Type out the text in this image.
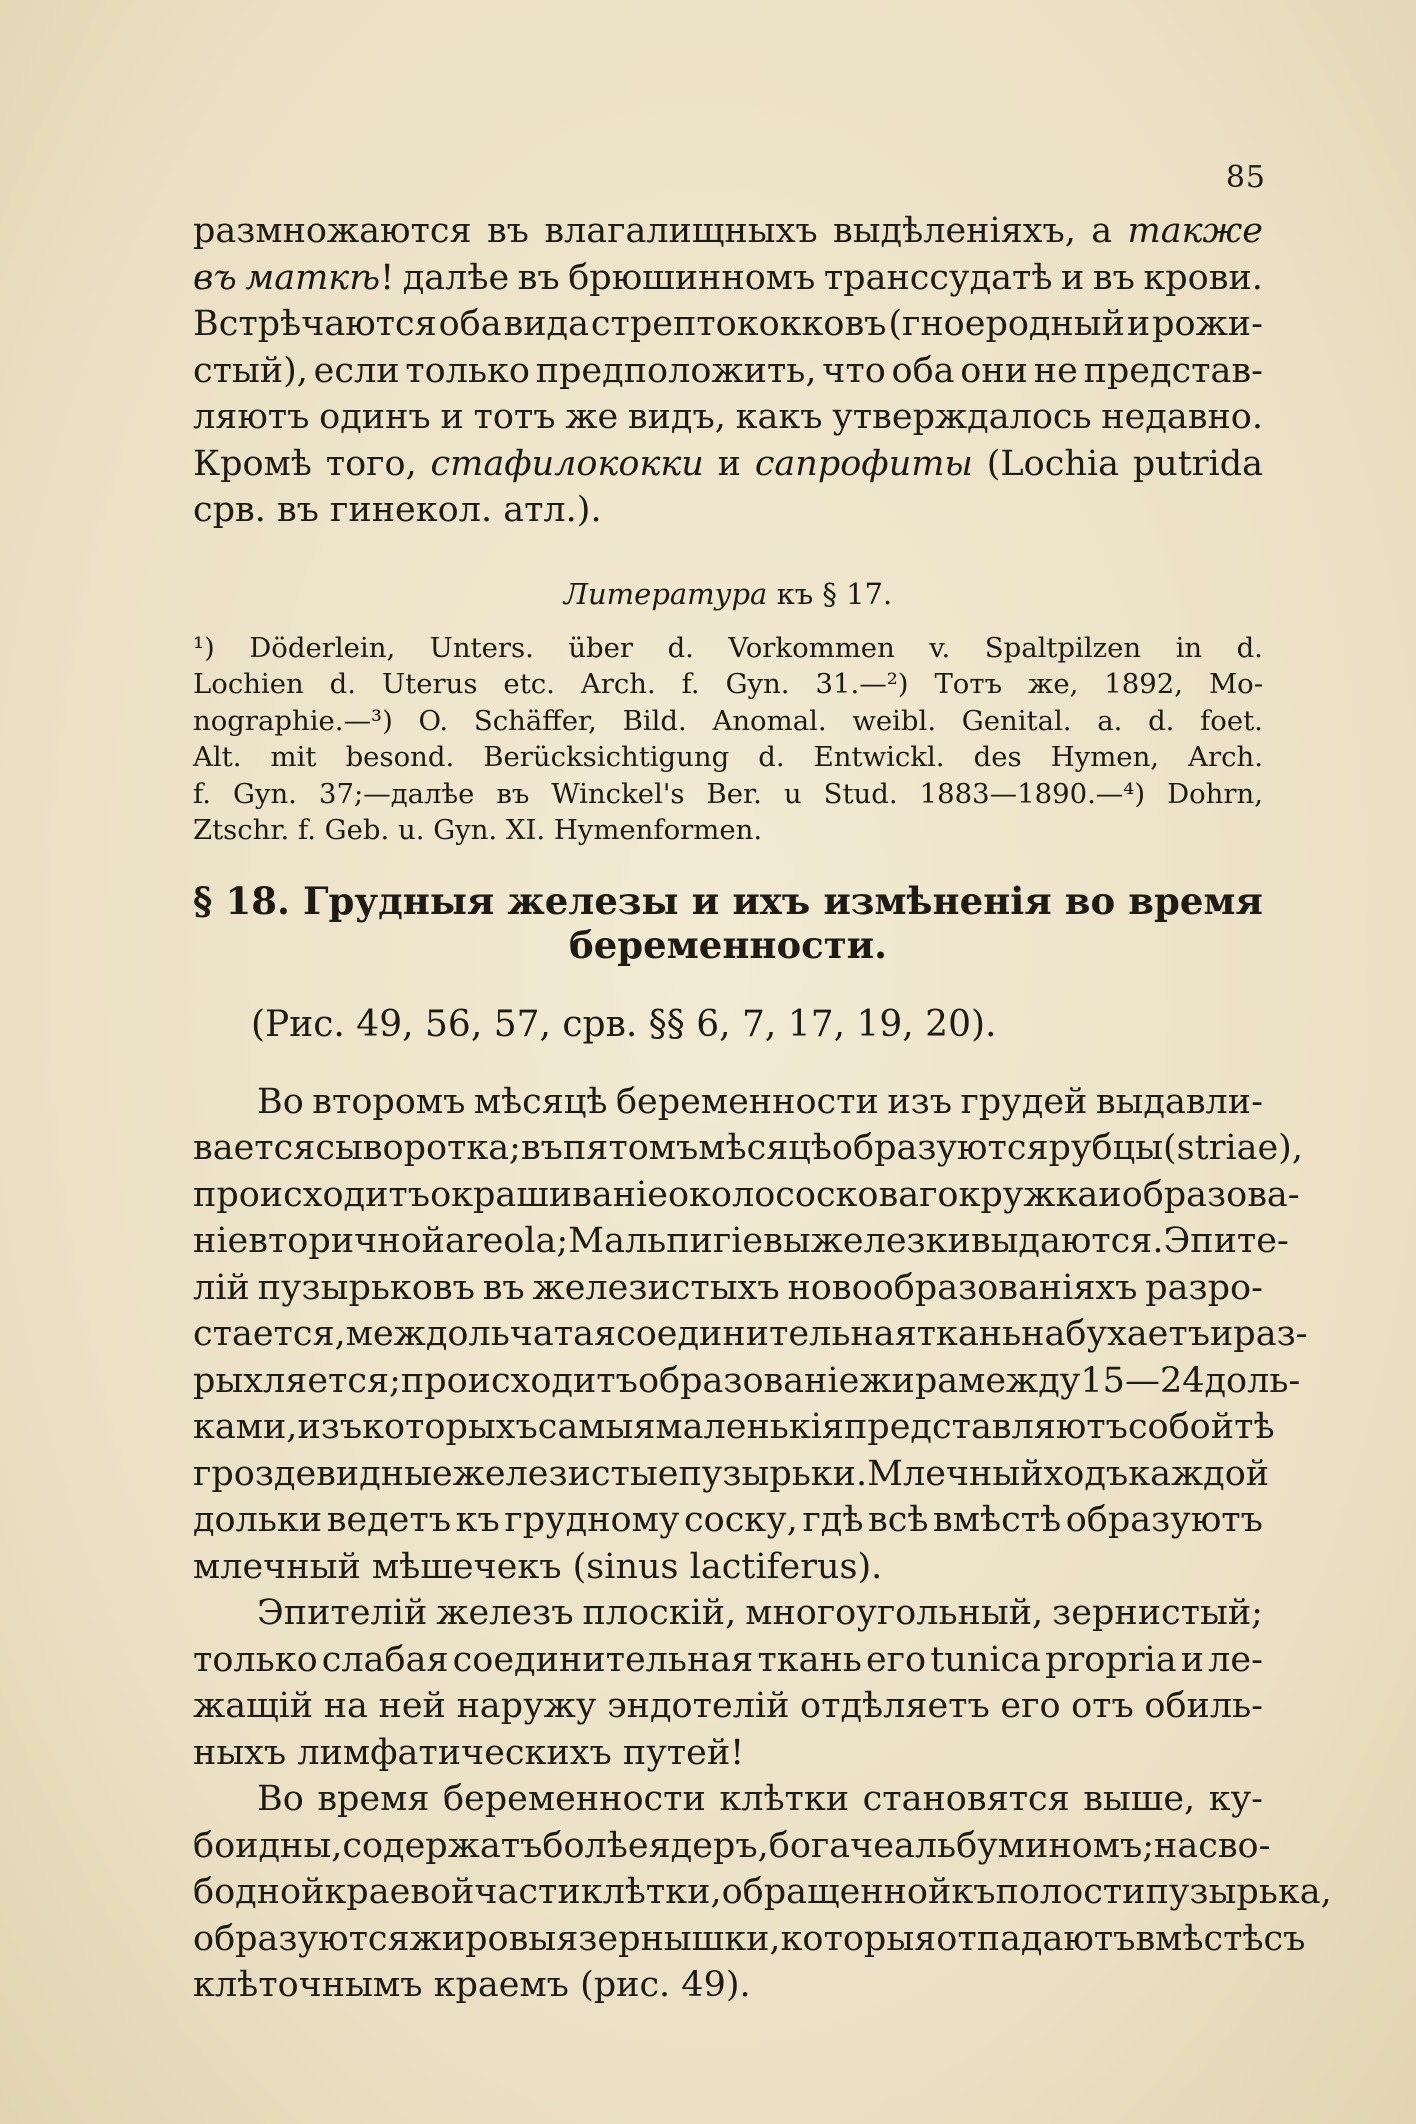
85
размножаются въ влагалищныхъ выдѣленіяхъ, а также
въ маткѣ! далѣе въ брюшинномъ транссудатѣ и въ крови.
Встрѣчаются оба вида стрептококковъ (гноеродный и рожи-
стый), если только предположить, что оба они не представ-
ляютъ одинъ и тотъ же видъ, какъ утверждалось недавно.
Кромѣ того, стафилококки и сапрофиты (Lochia putrida
срв. въ гинекол. атл.).
Литература къ § 17.
¹) Döderlein, Unters. über d. Vorkommen v. Spaltpilzen in d.
Lochien d. Uterus etc. Arch. f. Gyn. 31.—²) Тотъ же, 1892, Mo-
nographie.—³) O. Schäffer, Bild. Anomal. weibl. Genital. a. d. foet.
Alt. mit besond. Berücksichtigung d. Entwickl. des Hymen, Arch.
f. Gyn. 37;—далѣе въ Winckel's Ber. u Stud. 1883—1890.—⁴) Dohrn,
Ztschr. f. Geb. u. Gyn. XI. Hymenformen.
§ 18. Грудныя железы и ихъ измѣненія во время
беременности.
(Рис. 49, 56, 57, срв. §§ 6, 7, 17, 19, 20).
Во второмъ мѣсяцѣ беременности изъ грудей выдавли-
вается сыворотка; въ пятомъ мѣсяцѣ образуются рубцы (striae),
происходитъ окрашиваніе околососковаго кружка и образова-
ніе вторичной areola; Мальпигіевы железки выдаются. Эпите-
лій пузырьковъ въ железистыхъ новообразованіяхъ разро-
стается, междольчатая соединительная ткань набухаетъ и раз-
рыхляется; происходитъ образованіе жира между 15—24 доль-
ками, изъ которыхъ самыя маленькія представляютъ собой тѣ
гроздевидные железистые пузырьки. Млечный ходъ каждой
дольки ведетъ къ грудному соску, гдѣ всѣ вмѣстѣ образуютъ
млечный мѣшечекъ (sinus lactiferus).
Эпителій железъ плоскій, многоугольный, зернистый;
только слабая соединительная ткань его tunica propria и ле-
жащій на ней наружу эндотелій отдѣляетъ его отъ обиль-
ныхъ лимфатическихъ путей!
Во время беременности клѣтки становятся выше, ку-
боидны, содержатъ болѣе ядеръ, богаче альбуминомъ; на сво-
бодной краевой части клѣтки, обращенной къ полости пузырька,
образуются жировыя зернышки, которыя отпадаютъ вмѣстѣ съ
клѣточнымъ краемъ (рис. 49).
